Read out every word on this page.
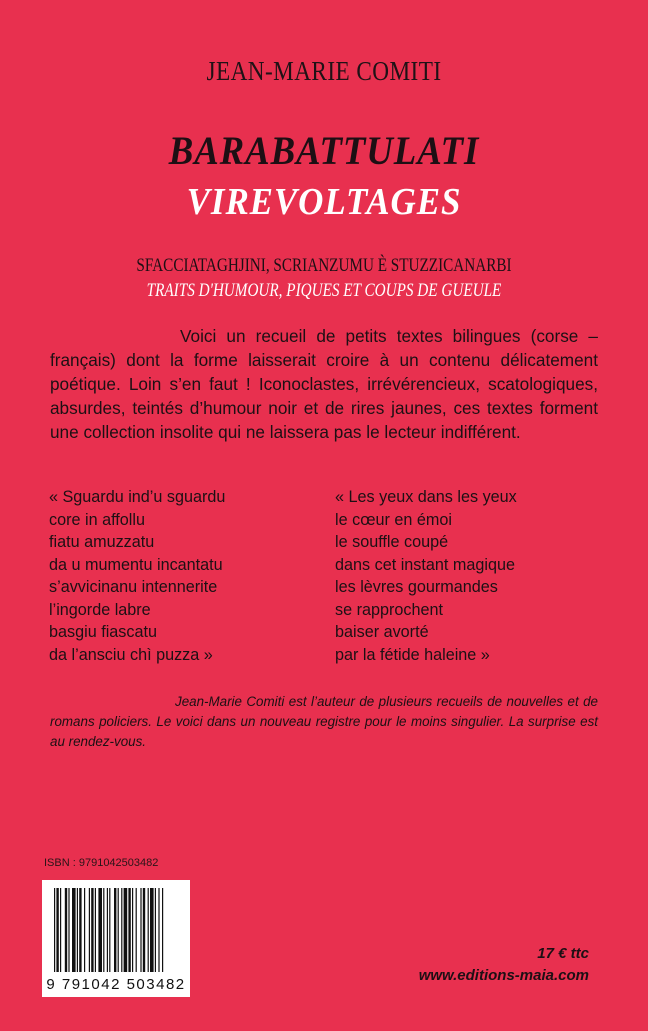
JEAN-MARIE COMITI
BARABATTULATI
VIREVOLTAGES
SFACCIATAGHJINI, SCRIANZUMU È STUZZICANARBI
TRAITS D'HUMOUR, PIQUES ET COUPS DE GUEULE

Voici un recueil de petits textes bilingues (corse – français) dont la forme laisserait croire à un contenu délicatement poétique. Loin s’en faut ! Iconoclastes, irrévérencieux, scatologiques, absurdes, teintés d’humour noir et de rires jaunes, ces textes forment une collection insolite qui ne laissera pas le lecteur indifférent.

« Sguardu ind’u sguardu
core in affollu
fiatu amuzzatu
da u mumentu incantatu
s’avvicinanu intennerite
l’ingorde labre
basgiu fiascatu
da l’ansciu chì puzza »
« Les yeux dans les yeux
le cœur en émoi
le souffle coupé
dans cet instant magique
les lèvres gourmandes
se rapprochent
baiser avorté
par la fétide haleine »

Jean-Marie Comiti est l’auteur de plusieurs recueils de nouvelles et de romans policiers. Le voici dans un nouveau registre pour le moins singulier. La surprise est au rendez-vous.

ISBN : 9791042503482
9 791042 503482
17 € ttc
www.editions-maia.com
